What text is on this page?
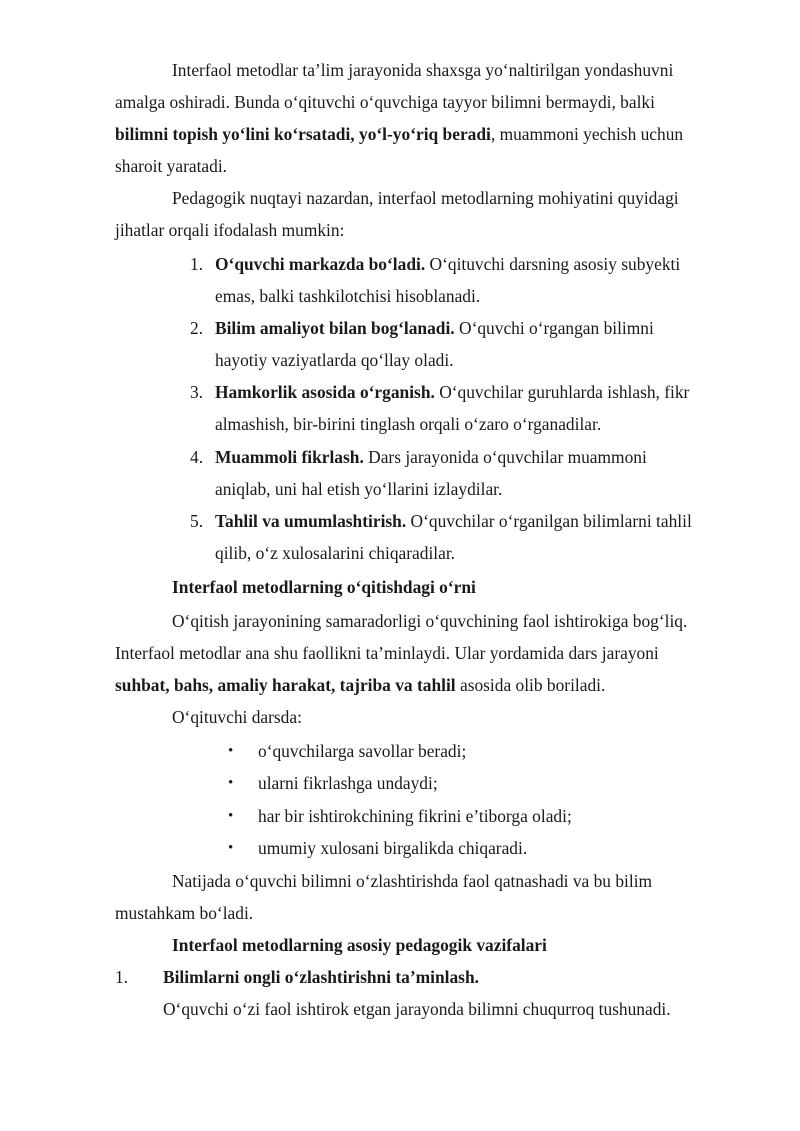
Interfaol metodlar ta’lim jarayonida shaxsga yo‘naltirilgan yondashuvni
amalga oshiradi. Bunda o‘qituvchi o‘quvchiga tayyor bilimni bermaydi, balki
bilimni topish yo‘lini ko‘rsatadi, yo‘l-yo‘riq beradi, muammoni yechish uchun
sharoit yaratadi.
Pedagogik nuqtayi nazardan, interfaol metodlarning mohiyatini quyidagi
jihatlar orqali ifodalash mumkin:
1. O‘quvchi markazda bo‘ladi. O‘qituvchi darsning asosiy subyekti
emas, balki tashkilotchisi hisoblanadi.
2. Bilim amaliyot bilan bog‘lanadi. O‘quvchi o‘rgangan bilimni
hayotiy vaziyatlarda qo‘llay oladi.
3. Hamkorlik asosida o‘rganish. O‘quvchilar guruhlarda ishlash, fikr
almashish, bir-birini tinglash orqali o‘zaro o‘rganadilar.
4. Muammoli fikrlash. Dars jarayonida o‘quvchilar muammoni
aniqlab, uni hal etish yo‘llarini izlaydilar.
5. Tahlil va umumlashtirish. O‘quvchilar o‘rganilgan bilimlarni tahlil
qilib, o‘z xulosalarini chiqaradilar.
Interfaol metodlarning o‘qitishdagi o‘rni
O‘qitish jarayonining samaradorligi o‘quvchining faol ishtirokiga bog‘liq.
Interfaol metodlar ana shu faollikni ta’minlaydi. Ular yordamida dars jarayoni
suhbat, bahs, amaliy harakat, tajriba va tahlil asosida olib boriladi.
O‘qituvchi darsda:
• o‘quvchilarga savollar beradi;
• ularni fikrlashga undaydi;
• har bir ishtirokchining fikrini e’tiborga oladi;
• umumiy xulosani birgalikda chiqaradi.
Natijada o‘quvchi bilimni o‘zlashtirishda faol qatnashadi va bu bilim
mustahkam bo‘ladi.
Interfaol metodlarning asosiy pedagogik vazifalari
1. Bilimlarni ongli o‘zlashtirishni ta’minlash.
O‘quvchi o‘zi faol ishtirok etgan jarayonda bilimni chuqurroq tushunadi.
